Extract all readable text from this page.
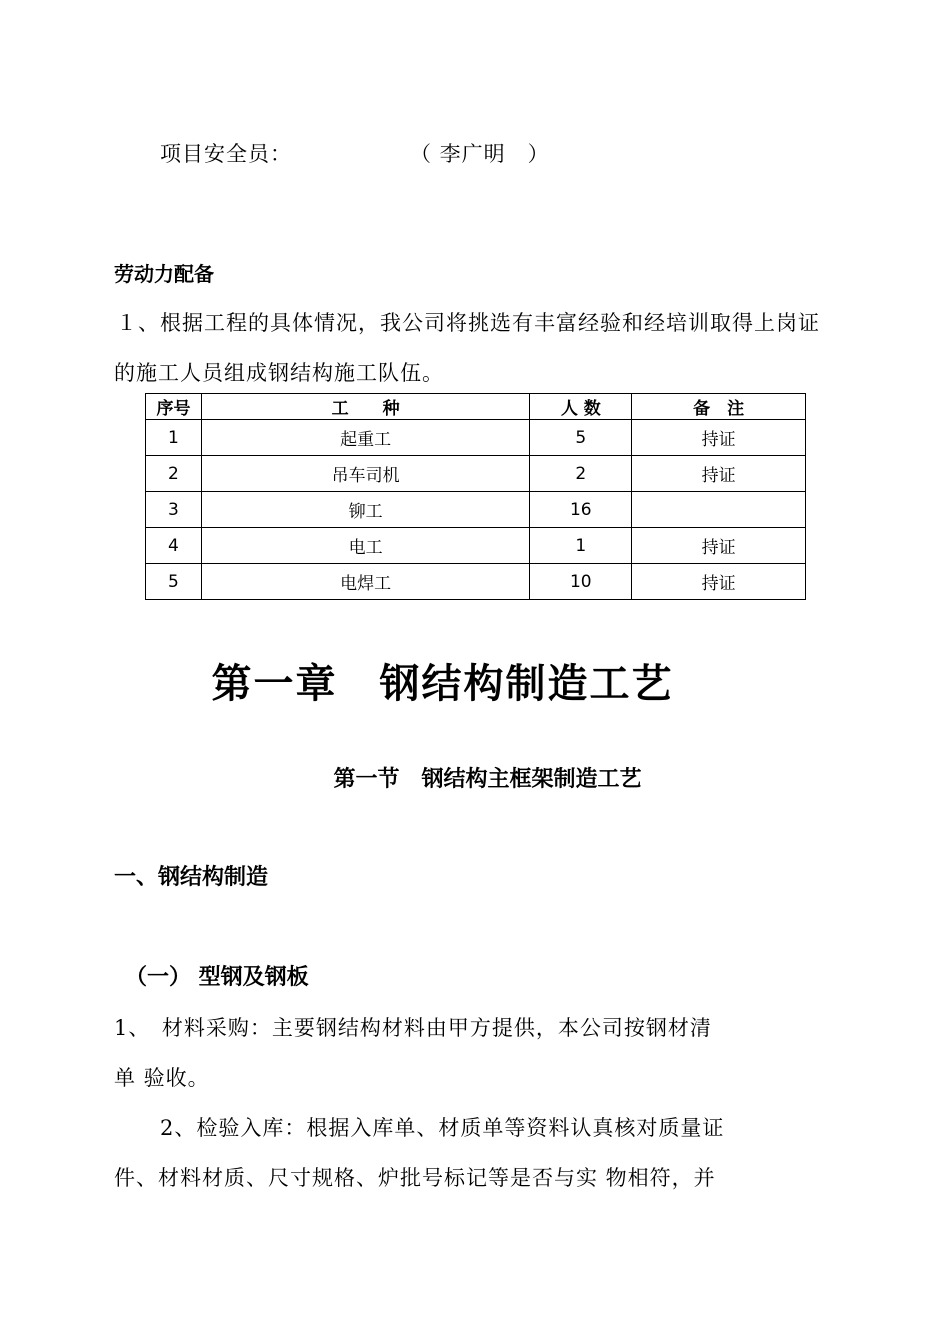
项目安全员：	（ 李广明　）
劳动力配备
１、根据工程的具体情况，我公司将挑选有丰富经验和经培训取得上岗证
的施工人员组成钢结构施工队伍。
序号	工　　种	人 数	备　注
1	起重工	5	持证
2	吊车司机	2	持证
3	铆工	16	
4	电工	1	持证
5	电焊工	10	持证
第一章　钢结构制造工艺
第一节　钢结构主框架制造工艺
一、钢结构制造
（一） 型钢及钢板
1、　材料采购：主要钢结构材料由甲方提供，本公司按钢材清
单 验收。
2、检验入库：根据入库单、材质单等资料认真核对质量证
件、材料材质、尺寸规格、炉批号标记等是否与实 物相符，并
